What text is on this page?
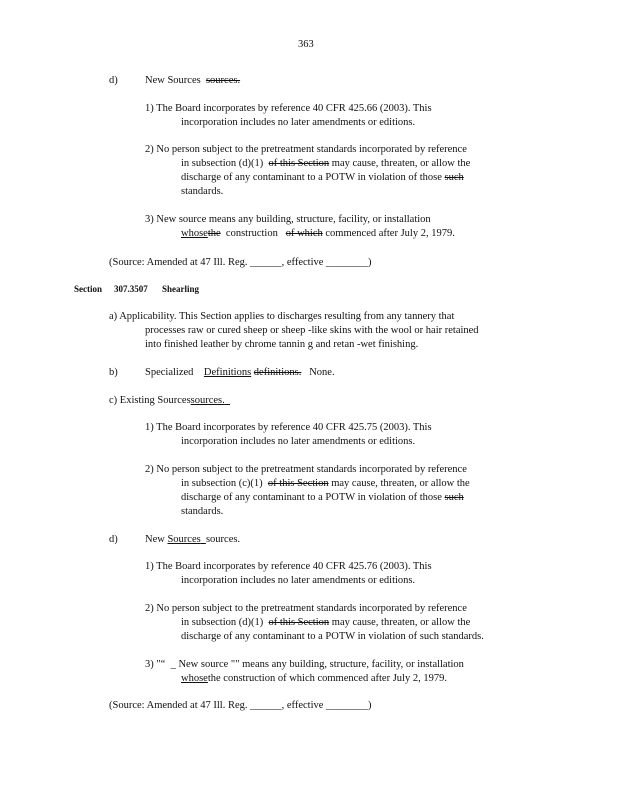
363
d)	New Sources sources.
1) The Board incorporates by reference 40 CFR 425.66 (2003). This
incorporation includes no later amendments or editions.
2) No person subject to the pretreatment standards incorporated by reference
in subsection (d)(1) of this Section may cause, threaten, or allow the
discharge of any contaminant to a POTW in violation of those such
standards.
3) New source means any building, structure, facility, or installation
whosethe construction of which commenced after July 2, 1979.
(Source: Amended at 47 Ill. Reg. ______, effective ________)
Section 307.3507 Shearling
a) Applicability. This Section applies to discharges resulting from any tannery that
processes raw or cured sheep or sheep -like skins with the wool or hair retained
into finished leather by chrome tannin g and retan -wet finishing.
b)	Specialized Definitions definitions. None.
c) Existing Sourcessources.
1) The Board incorporates by reference 40 CFR 425.75 (2003). This
incorporation includes no later amendments or editions.
2) No person subject to the pretreatment standards incorporated by reference
in subsection (c)(1) of this Section may cause, threaten, or allow the
discharge of any contaminant to a POTW in violation of those such
standards.
d)	New Sources sources.
1) The Board incorporates by reference 40 CFR 425.76 (2003). This
incorporation includes no later amendments or editions.
2) No person subject to the pretreatment standards incorporated by reference
in subsection (d)(1) of this Section may cause, threaten, or allow the
discharge of any contaminant to a POTW in violation of such standards.
3) "“  _ New source "" means any building, structure, facility, or installation
whosethe construction of which commenced after July 2, 1979.
(Source: Amended at 47 Ill. Reg. ______, effective ________)
